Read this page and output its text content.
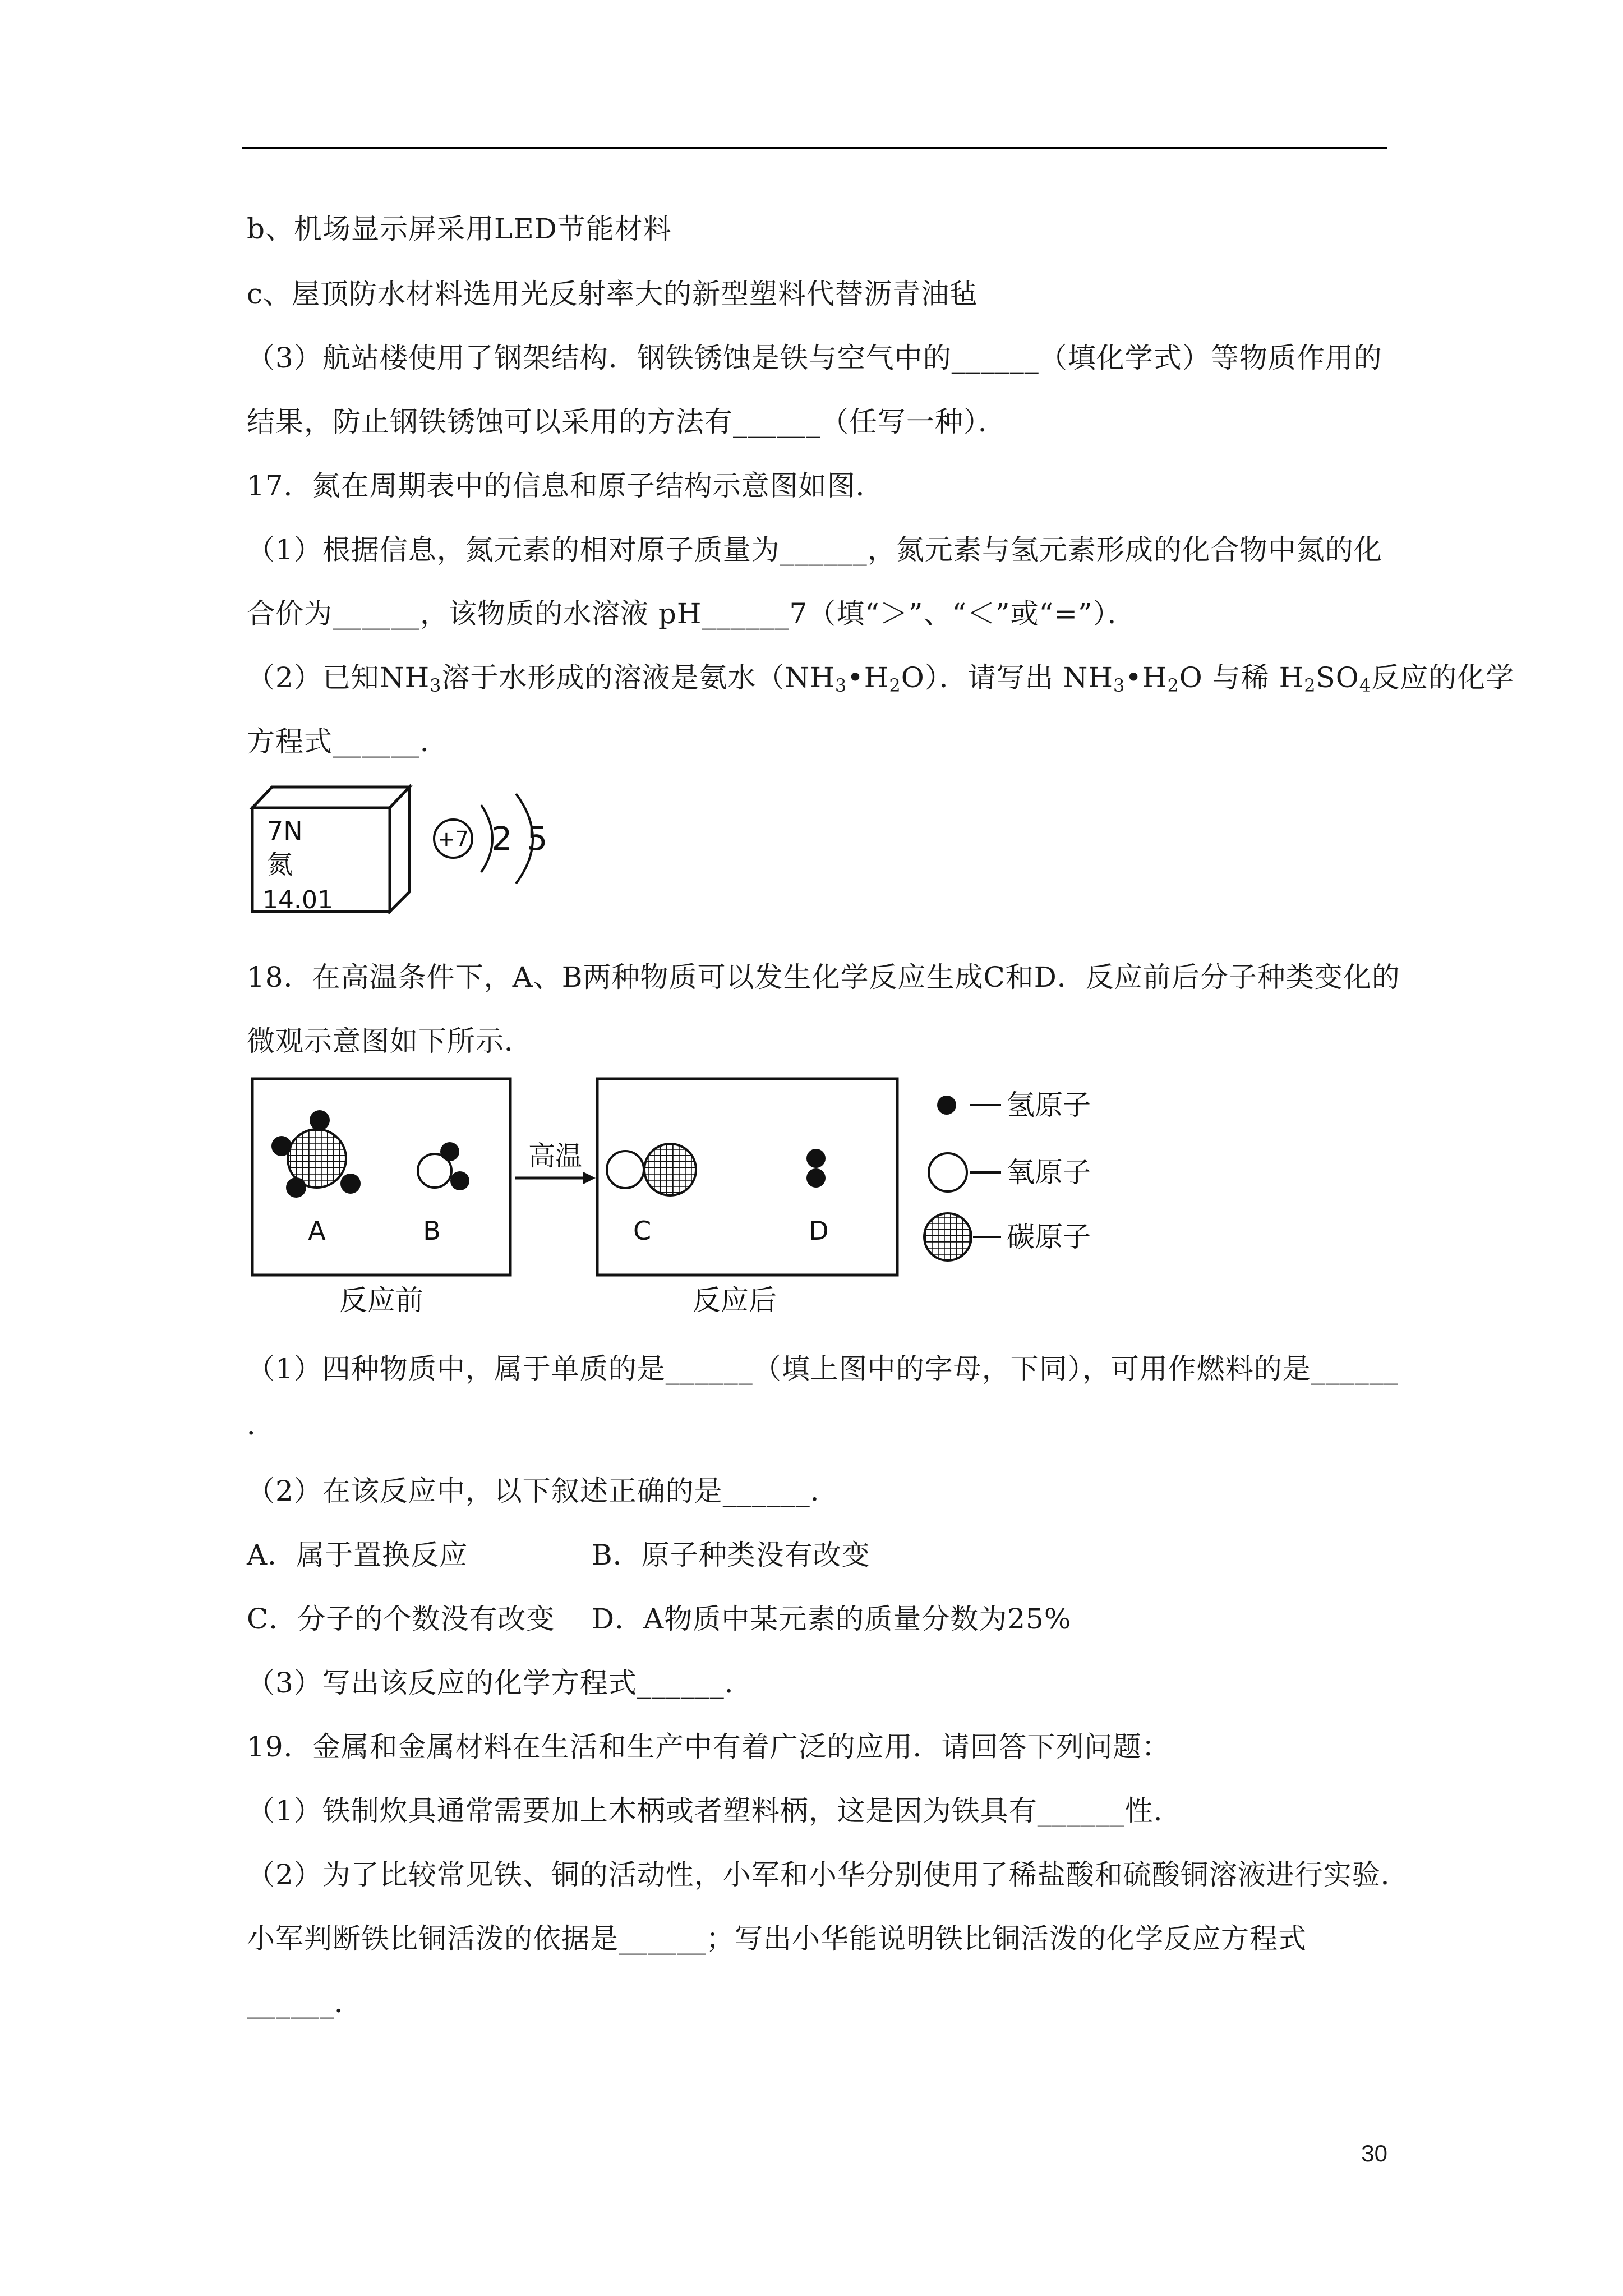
b、机场显示屏采用LED节能材料
c、屋顶防水材料选用光反射率大的新型塑料代替沥青油毡
（3）航站楼使用了钢架结构．钢铁锈蚀是铁与空气中的______（填化学式）等物质作用的
结果，防止钢铁锈蚀可以采用的方法有______（任写一种）．
17．氮在周期表中的信息和原子结构示意图如图．
（1）根据信息，氮元素的相对原子质量为______，氮元素与氢元素形成的化合物中氮的化
合价为______，该物质的水溶液 pH______7（填“＞”、“＜”或“=”）．
（2）已知$NH_3$溶于水形成的溶液是氨水$(NH_3•H_2O)$．请写出 $NH_3•H_2O$ 与稀 $H_2SO_4$反应的化学
方程式______．
7N
氮
14.01
+7 2 5
18．在高温条件下，A、B两种物质可以发生化学反应生成C和D．反应前后分子种类变化的
微观示意图如下所示．
A	B
反应前
高温
C	D
反应后
氢原子
氧原子
碳原子
（1）四种物质中，属于单质的是______（填上图中的字母，下同），可用作燃料的是______
．
（2）在该反应中，以下叙述正确的是______．
A．属于置换反应	B．原子种类没有改变
C．分子的个数没有改变 D．A物质中某元素的质量分数为25%
（3）写出该反应的化学方程式______．
19．金属和金属材料在生活和生产中有着广泛的应用．请回答下列问题：
（1）铁制炊具通常需要加上木柄或者塑料柄，这是因为铁具有______性．
（2）为了比较常见铁、铜的活动性，小军和小华分别使用了稀盐酸和硫酸铜溶液进行实验．
小军判断铁比铜活泼的依据是______；写出小华能说明铁比铜活泼的化学反应方程式
______．
30
